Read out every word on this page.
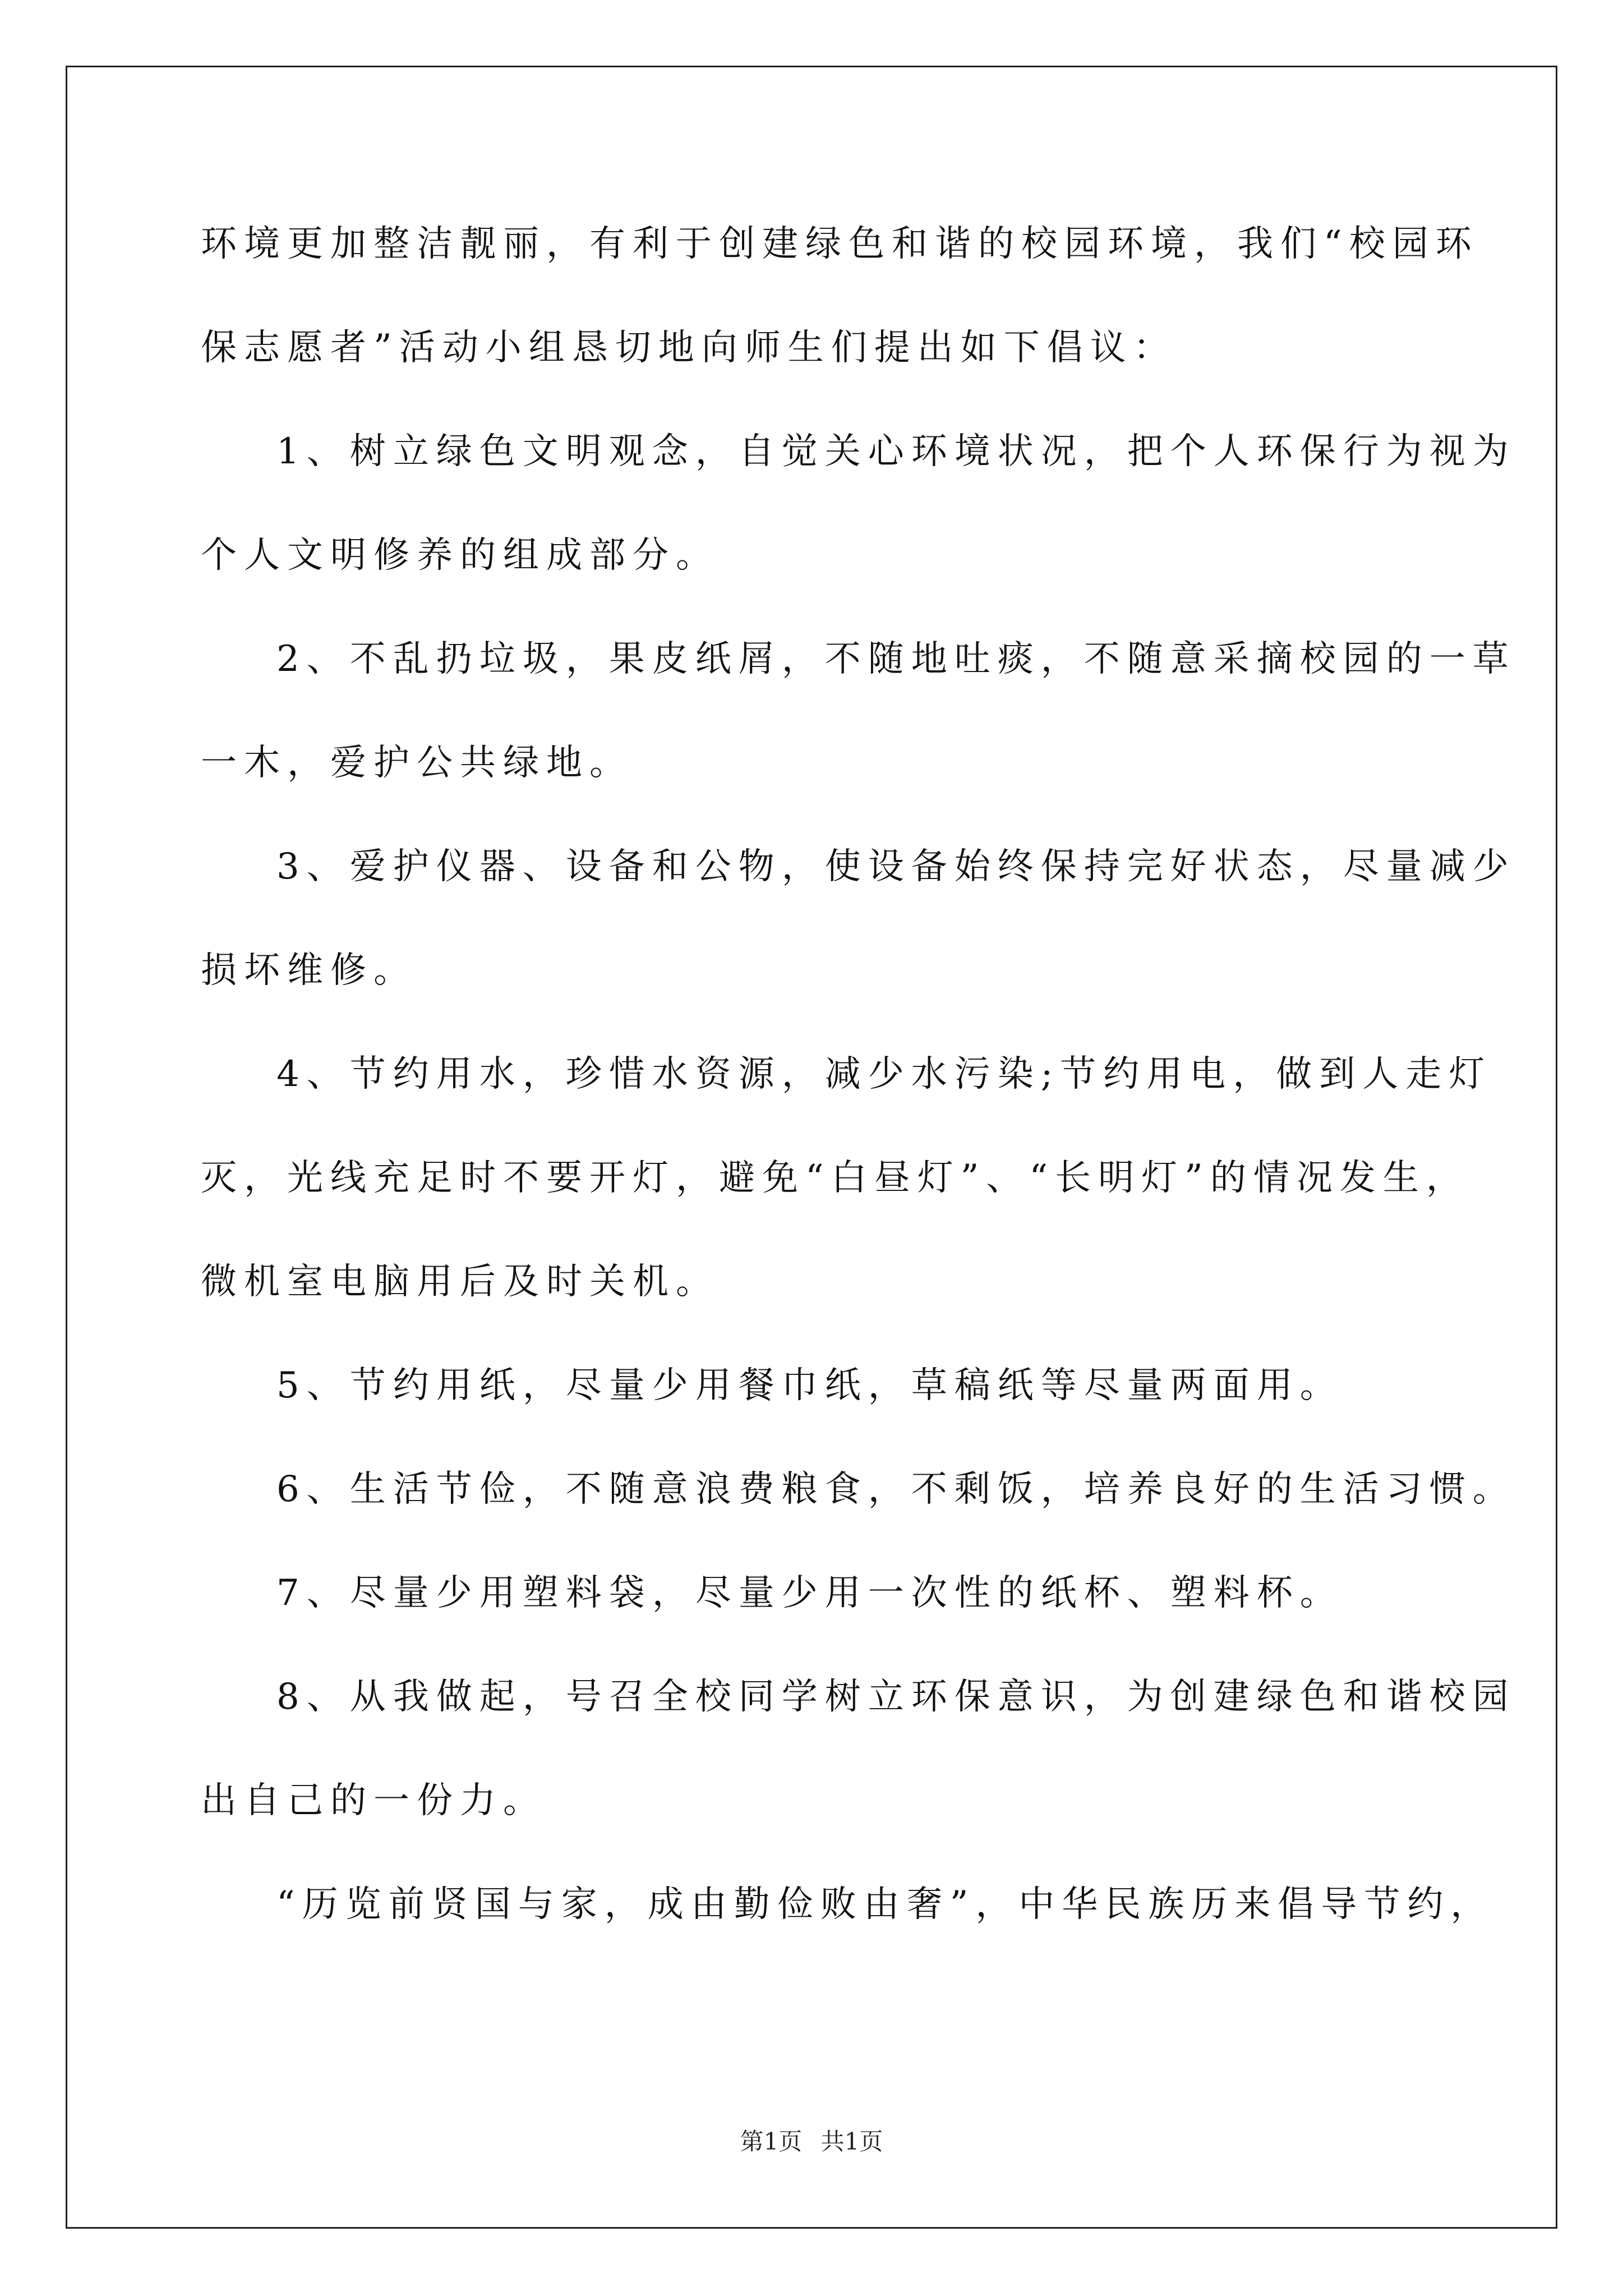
环境更加整洁靓丽，有利于创建绿色和谐的校园环境，我们“校园环
保志愿者”活动小组恳切地向师生们提出如下倡议：
1、树立绿色文明观念，自觉关心环境状况，把个人环保行为视为
个人文明修养的组成部分。
2、不乱扔垃圾，果皮纸屑，不随地吐痰，不随意采摘校园的一草
一木，爱护公共绿地。
3、爱护仪器、设备和公物，使设备始终保持完好状态，尽量减少
损坏维修。
4、节约用水，珍惜水资源，减少水污染;节约用电，做到人走灯
灭，光线充足时不要开灯，避免“白昼灯”、“长明灯”的情况发生，
微机室电脑用后及时关机。
5、节约用纸，尽量少用餐巾纸，草稿纸等尽量两面用。
6、生活节俭，不随意浪费粮食，不剩饭，培养良好的生活习惯。
7、尽量少用塑料袋，尽量少用一次性的纸杯、塑料杯。
8、从我做起，号召全校同学树立环保意识，为创建绿色和谐校园
出自己的一份力。
“历览前贤国与家，成由勤俭败由奢”，中华民族历来倡导节约，
第1页 共1页
